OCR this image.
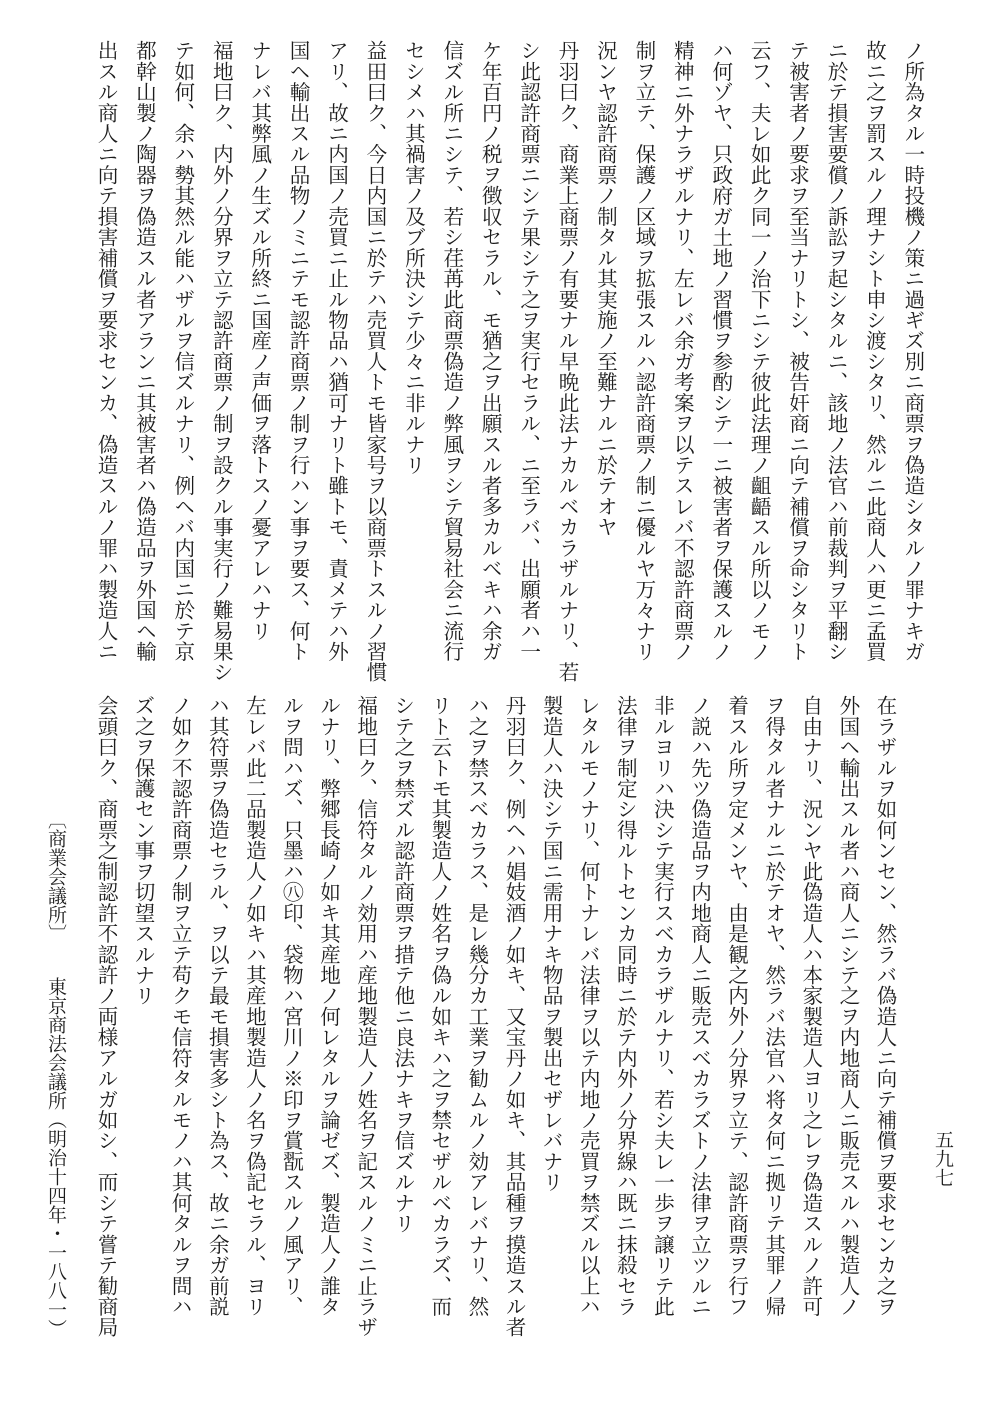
ノ所為タル一時投機ノ策ニ過ギズ別ニ商票ヲ偽造シタルノ罪ナキガ
故ニ之ヲ罰スルノ理ナシト申シ渡シタリ、然ルニ此商人ハ更ニ孟買
ニ於テ損害要償ノ訴訟ヲ起シタルニ、該地ノ法官ハ前裁判ヲ平翻シ
テ被害者ノ要求ヲ至当ナリトシ、被告奸商ニ向テ補償ヲ命シタリト
云フ、夫レ如此ク同一ノ治下ニシテ彼此法理ノ齟齬スル所以ノモノ
ハ何ゾヤ、只政府ガ土地ノ習慣ヲ参酌シテ一ニ被害者ヲ保護スルノ
精神ニ外ナラザルナリ、左レバ余ガ考案ヲ以テスレバ不認許商票ノ
制ヲ立テ、保護ノ区域ヲ拡張スルハ認許商票ノ制ニ優ルヤ万々ナリ
況ンヤ認許商票ノ制タル其実施ノ至難ナルニ於テオヤ
丹羽曰ク、商業上商票ノ有要ナル早晩此法ナカルベカラザルナリ、若
シ此認許商票ニシテ果シテ之ヲ実行セラル、ニ至ラバ、出願者ハ一
ケ年百円ノ税ヲ徴収セラル、モ猶之ヲ出願スル者多カルベキハ余ガ
信ズル所ニシテ、若シ荏苒此商票偽造ノ弊風ヲシテ貿易社会ニ流行
セシメハ其禍害ノ及ブ所決シテ少々ニ非ルナリ
益田曰ク、今日内国ニ於テハ売買人トモ皆家号ヲ以商票トスルノ習慣
アリ、故ニ内国ノ売買ニ止ル物品ハ猶可ナリト雖トモ、責メテハ外
国ヘ輸出スル品物ノミニテモ認許商票ノ制ヲ行ハン事ヲ要ス、何ト
ナレバ其弊風ノ生ズル所終ニ国産ノ声価ヲ落トスノ憂アレハナリ
福地曰ク、内外ノ分界ヲ立テ認許商票ノ制ヲ設クル事実行ノ難易果シ
テ如何、余ハ勢其然ル能ハザルヲ信ズルナリ、例ヘバ内国ニ於テ京
都幹山製ノ陶器ヲ偽造スル者アランニ其被害者ハ偽造品ヲ外国ヘ輸
出スル商人ニ向テ損害補償ヲ要求センカ、偽造スルノ罪ハ製造人ニ
在ラザルヲ如何ンセン、然ラバ偽造人ニ向テ補償ヲ要求センカ之ヲ
外国ヘ輸出スル者ハ商人ニシテ之ヲ内地商人ニ販売スルハ製造人ノ
自由ナリ、況ンヤ此偽造人ハ本家製造人ヨリ之レヲ偽造スルノ許可
ヲ得タル者ナルニ於テオヤ、然ラバ法官ハ将タ何ニ拠リテ其罪ノ帰
着スル所ヲ定メンヤ、由是観之内外ノ分界ヲ立テ、認許商票ヲ行フ
ノ説ハ先ツ偽造品ヲ内地商人ニ販売スベカラズトノ法律ヲ立ツルニ
非ルヨリハ決シテ実行スベカラザルナリ、若シ夫レ一歩ヲ譲リテ此
法律ヲ制定シ得ルトセンカ同時ニ於テ内外ノ分界線ハ既ニ抹殺セラ
レタルモノナリ、何トナレバ法律ヲ以テ内地ノ売買ヲ禁ズル以上ハ
製造人ハ決シテ国ニ需用ナキ物品ヲ製出セザレバナリ
丹羽曰ク、例ヘハ娼妓酒ノ如キ、又宝丹ノ如キ、其品種ヲ摸造スル者
ハ之ヲ禁スベカラス、是レ幾分カ工業ヲ勧ムルノ効アレバナリ、然
リト云トモ其製造人ノ姓名ヲ偽ル如キハ之ヲ禁セザルベカラズ、而
シテ之ヲ禁ズル認許商票ヲ措テ他ニ良法ナキヲ信ズルナリ
福地曰ク、信符タルノ効用ハ産地製造人ノ姓名ヲ記スルノミニ止ラザ
ルナリ、弊郷長崎ノ如キ其産地ノ何レタルヲ論ゼズ、製造人ノ誰タ
ルヲ問ハズ、只墨ハ㊇印、袋物ハ宮川ノ※印ヲ賞翫スルノ風アリ、
左レバ此二品製造人ノ如キハ其産地製造人ノ名ヲ偽記セラル、ヨリ
ハ其符票ヲ偽造セラル、ヲ以テ最モ損害多シト為ス、故ニ余ガ前説
ノ如ク不認許商票ノ制ヲ立テ苟クモ信符タルモノハ其何タルヲ問ハ
ズ之ヲ保護セン事ヲ切望スルナリ
会頭曰ク、商票之制認許不認許ノ両様アルガ如シ、而シテ嘗テ勧商局
〔商業会議所〕
東京商法会議所
（明治十四年・一八八一）	五九七
